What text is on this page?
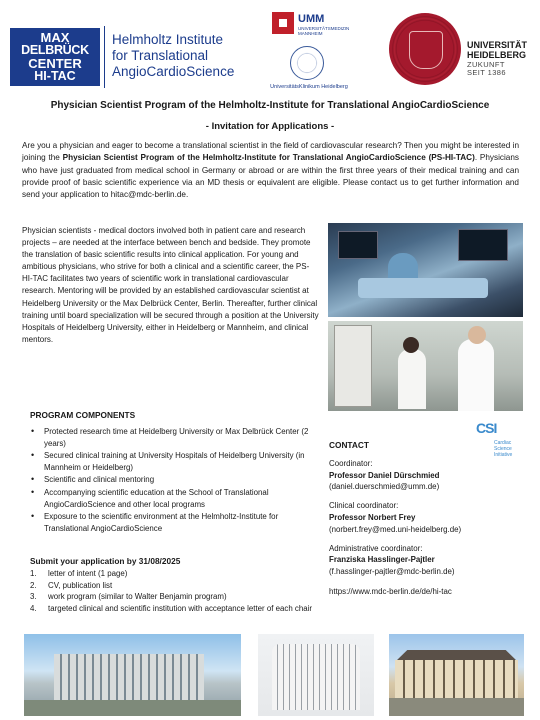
MAX
DELBRÜCK
CENTER
HI-TAC
Helmholtz Institute
for Translational
AngioCardioScience
UMM
UNIVERSITÄTSMEDIZIN MANNHEIM
UniversitätsKlinikum Heidelberg
UNIVERSITÄT
HEIDELBERG
ZUKUNFT
SEIT 1386
Physician Scientist Program of the Helmholtz-Institute for Translational AngioCardioScience
- Invitation for Applications -

Are you a physician and eager to become a translational scientist in the field of cardiovascular research? Then you might be interested in joining the Physician Scientist Program of the Helmholtz-Institute for Translational AngioCardioScience (PS-HI-TAC). Physicians who have just graduated from medical school in Germany or abroad or are within the first three years of their medical training and can provide proof of basic scientific experience via an MD thesis or equivalent are eligible. Please contact us to get further information and send your application to hitac@mdc-berlin.de.

Physician scientists - medical doctors involved both in patient care and research projects – are needed at the interface between bench and bedside. They promote the translation of basic scientific results into clinical application. For young and ambitious physicians, who strive for both a clinical and a scientific career, the PS-HI-TAC facilitates two years of scientific work in translational cardiovascular research. Mentoring will be provided by an established cardiovascular scientist at Heidelberg University or the Max Delbrück Center, Berlin. Thereafter, further clinical training until board specialization will be secured through a position at the University Hospitals of Heidelberg University, either in Heidelberg or Mannheim, and clinical mentors.

PROGRAM COMPONENTS
• Protected research time at Heidelberg University or Max Delbrück Center (2 years)
• Secured clinical training at University Hospitals of Heidelberg University (in Mannheim or Heidelberg)
• Scientific and clinical mentoring
• Accompanying scientific education at the School of Translational AngioCardioScience and other local programs
• Exposure to the scientific environment at the Helmholtz-Institute for Translational AngioCardioScience
Submit your application by 31/08/2025
1. letter of intent (1 page)
2. CV, publication list
3. work program (similar to Walter Benjamin program)
4. targeted clinical and scientific institution with acceptance letter of each chair
CSI
Cardiac
Science
Initiative
CONTACT
Coordinator:
Professor Daniel Dürschmied
(daniel.duerschmied@umm.de)
Clinical coordinator:
Professor Norbert Frey
(norbert.frey@med.uni-heidelberg.de)
Administrative coordinator:
Franziska Hasslinger-Pajtler
(f.hasslinger-pajtler@mdc-berlin.de)
https://www.mdc-berlin.de/de/hi-tac
